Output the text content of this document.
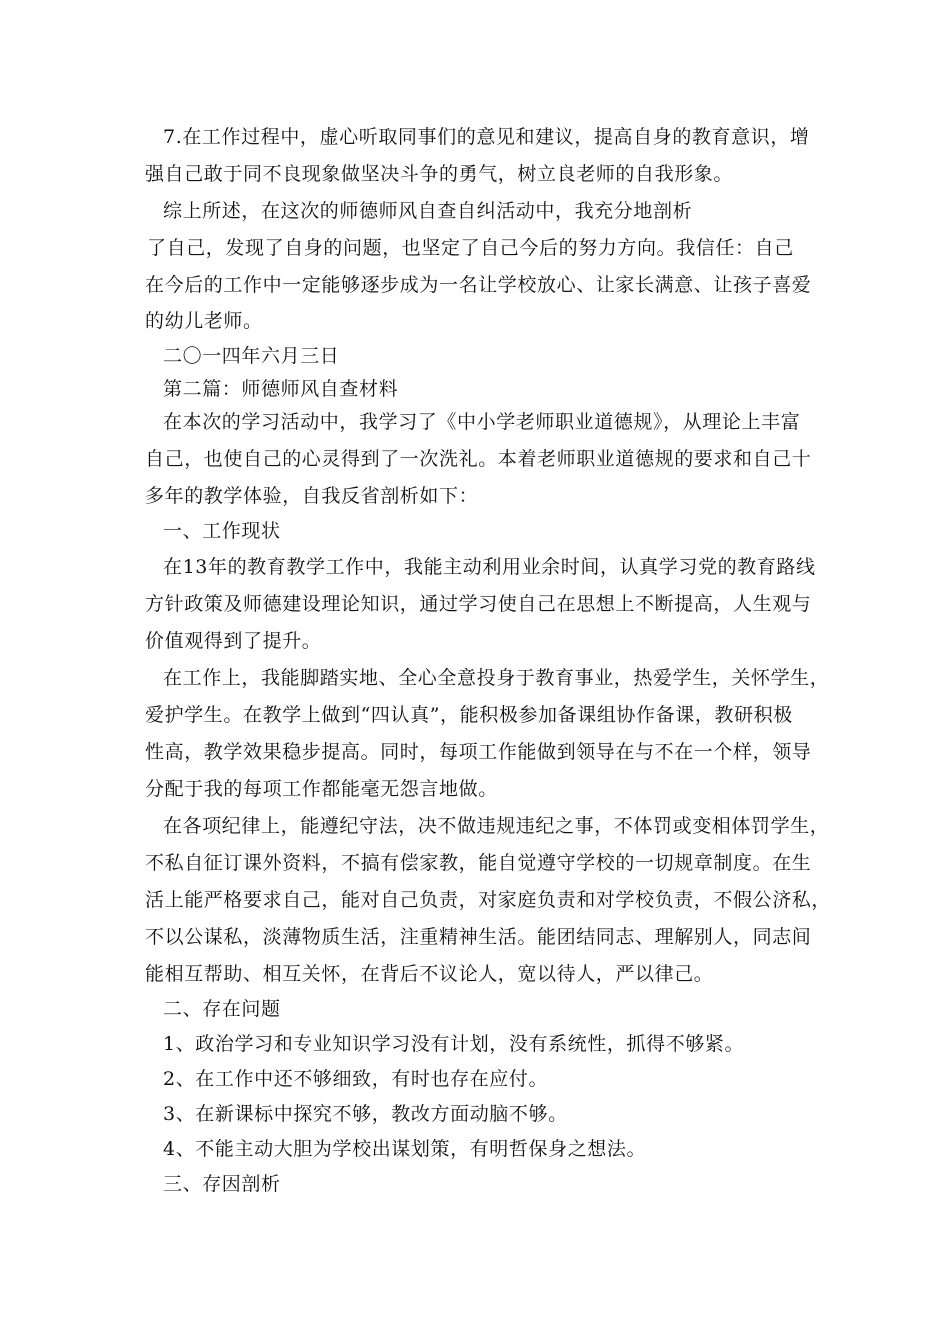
7.在工作过程中，虚心听取同事们的意见和建议，提高自身的教育意识，增
强自己敢于同不良现象做坚决斗争的勇气，树立良老师的自我形象。
综上所述，在这次的师德师风自查自纠活动中，我充分地剖析
了自己，发现了自身的问题，也坚定了自己今后的努力方向。我信任：自己
在今后的工作中一定能够逐步成为一名让学校放心、让家长满意、让孩子喜爱
的幼儿老师。
二〇一四年六月三日
第二篇：师德师风自查材料
在本次的学习活动中，我学习了《中小学老师职业道德规》，从理论上丰富
自己，也使自己的心灵得到了一次洗礼。本着老师职业道德规的要求和自己十
多年的教学体验，自我反省剖析如下：
一、工作现状
在13年的教育教学工作中，我能主动利用业余时间，认真学习党的教育路线
方针政策及师德建设理论知识，通过学习使自己在思想上不断提高，人生观与
价值观得到了提升。
在工作上，我能脚踏实地、全心全意投身于教育事业，热爱学生，关怀学生，
爱护学生。在教学上做到“四认真”，能积极参加备课组协作备课，教研积极
性高，教学效果稳步提高。同时，每项工作能做到领导在与不在一个样，领导
分配于我的每项工作都能毫无怨言地做。
在各项纪律上，能遵纪守法，决不做违规违纪之事，不体罚或变相体罚学生，
不私自征订课外资料，不搞有偿家教，能自觉遵守学校的一切规章制度。在生
活上能严格要求自己，能对自己负责，对家庭负责和对学校负责，不假公济私，
不以公谋私，淡薄物质生活，注重精神生活。能团结同志、理解别人，同志间
能相互帮助、相互关怀，在背后不议论人，宽以待人，严以律己。
二、存在问题
1、政治学习和专业知识学习没有计划，没有系统性，抓得不够紧。
2、在工作中还不够细致，有时也存在应付。
3、在新课标中探究不够，教改方面动脑不够。
4、不能主动大胆为学校出谋划策，有明哲保身之想法。
三、存因剖析
